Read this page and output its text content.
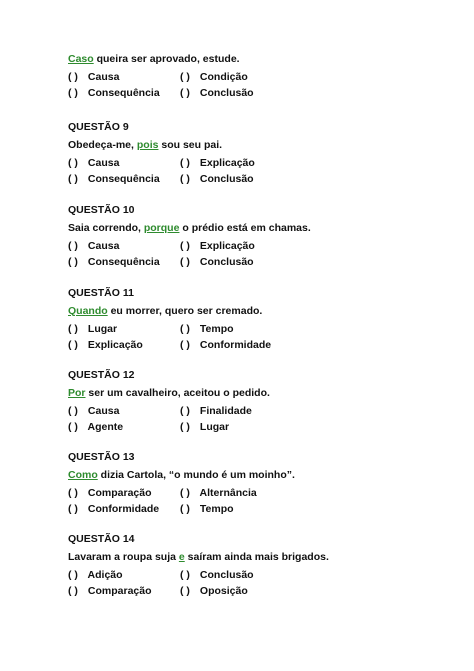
Caso queira ser aprovado, estude.
( ) Causa	( ) Condição
( ) Consequência ( ) Conclusão
QUESTÃO 9
Obedeça-me, pois sou seu pai.
( ) Causa	( ) Explicação
( ) Consequência ( ) Conclusão
QUESTÃO 10
Saia correndo, porque o prédio está em chamas.
( ) Causa	( ) Explicação
( ) Consequência ( ) Conclusão
QUESTÃO 11
Quando eu morrer, quero ser cremado.
( ) Lugar	( ) Tempo
( ) Explicação	( ) Conformidade
QUESTÃO 12
Por ser um cavalheiro, aceitou o pedido.
( ) Causa	( ) Finalidade
( ) Agente	( ) Lugar
QUESTÃO 13
Como dizia Cartola, “o mundo é um moinho”.
( ) Comparação	( ) Alternância
( ) Conformidade ( ) Tempo
QUESTÃO 14
Lavaram a roupa suja e saíram ainda mais brigados.
( ) Adição	( ) Conclusão
( ) Comparação	( ) Oposição
